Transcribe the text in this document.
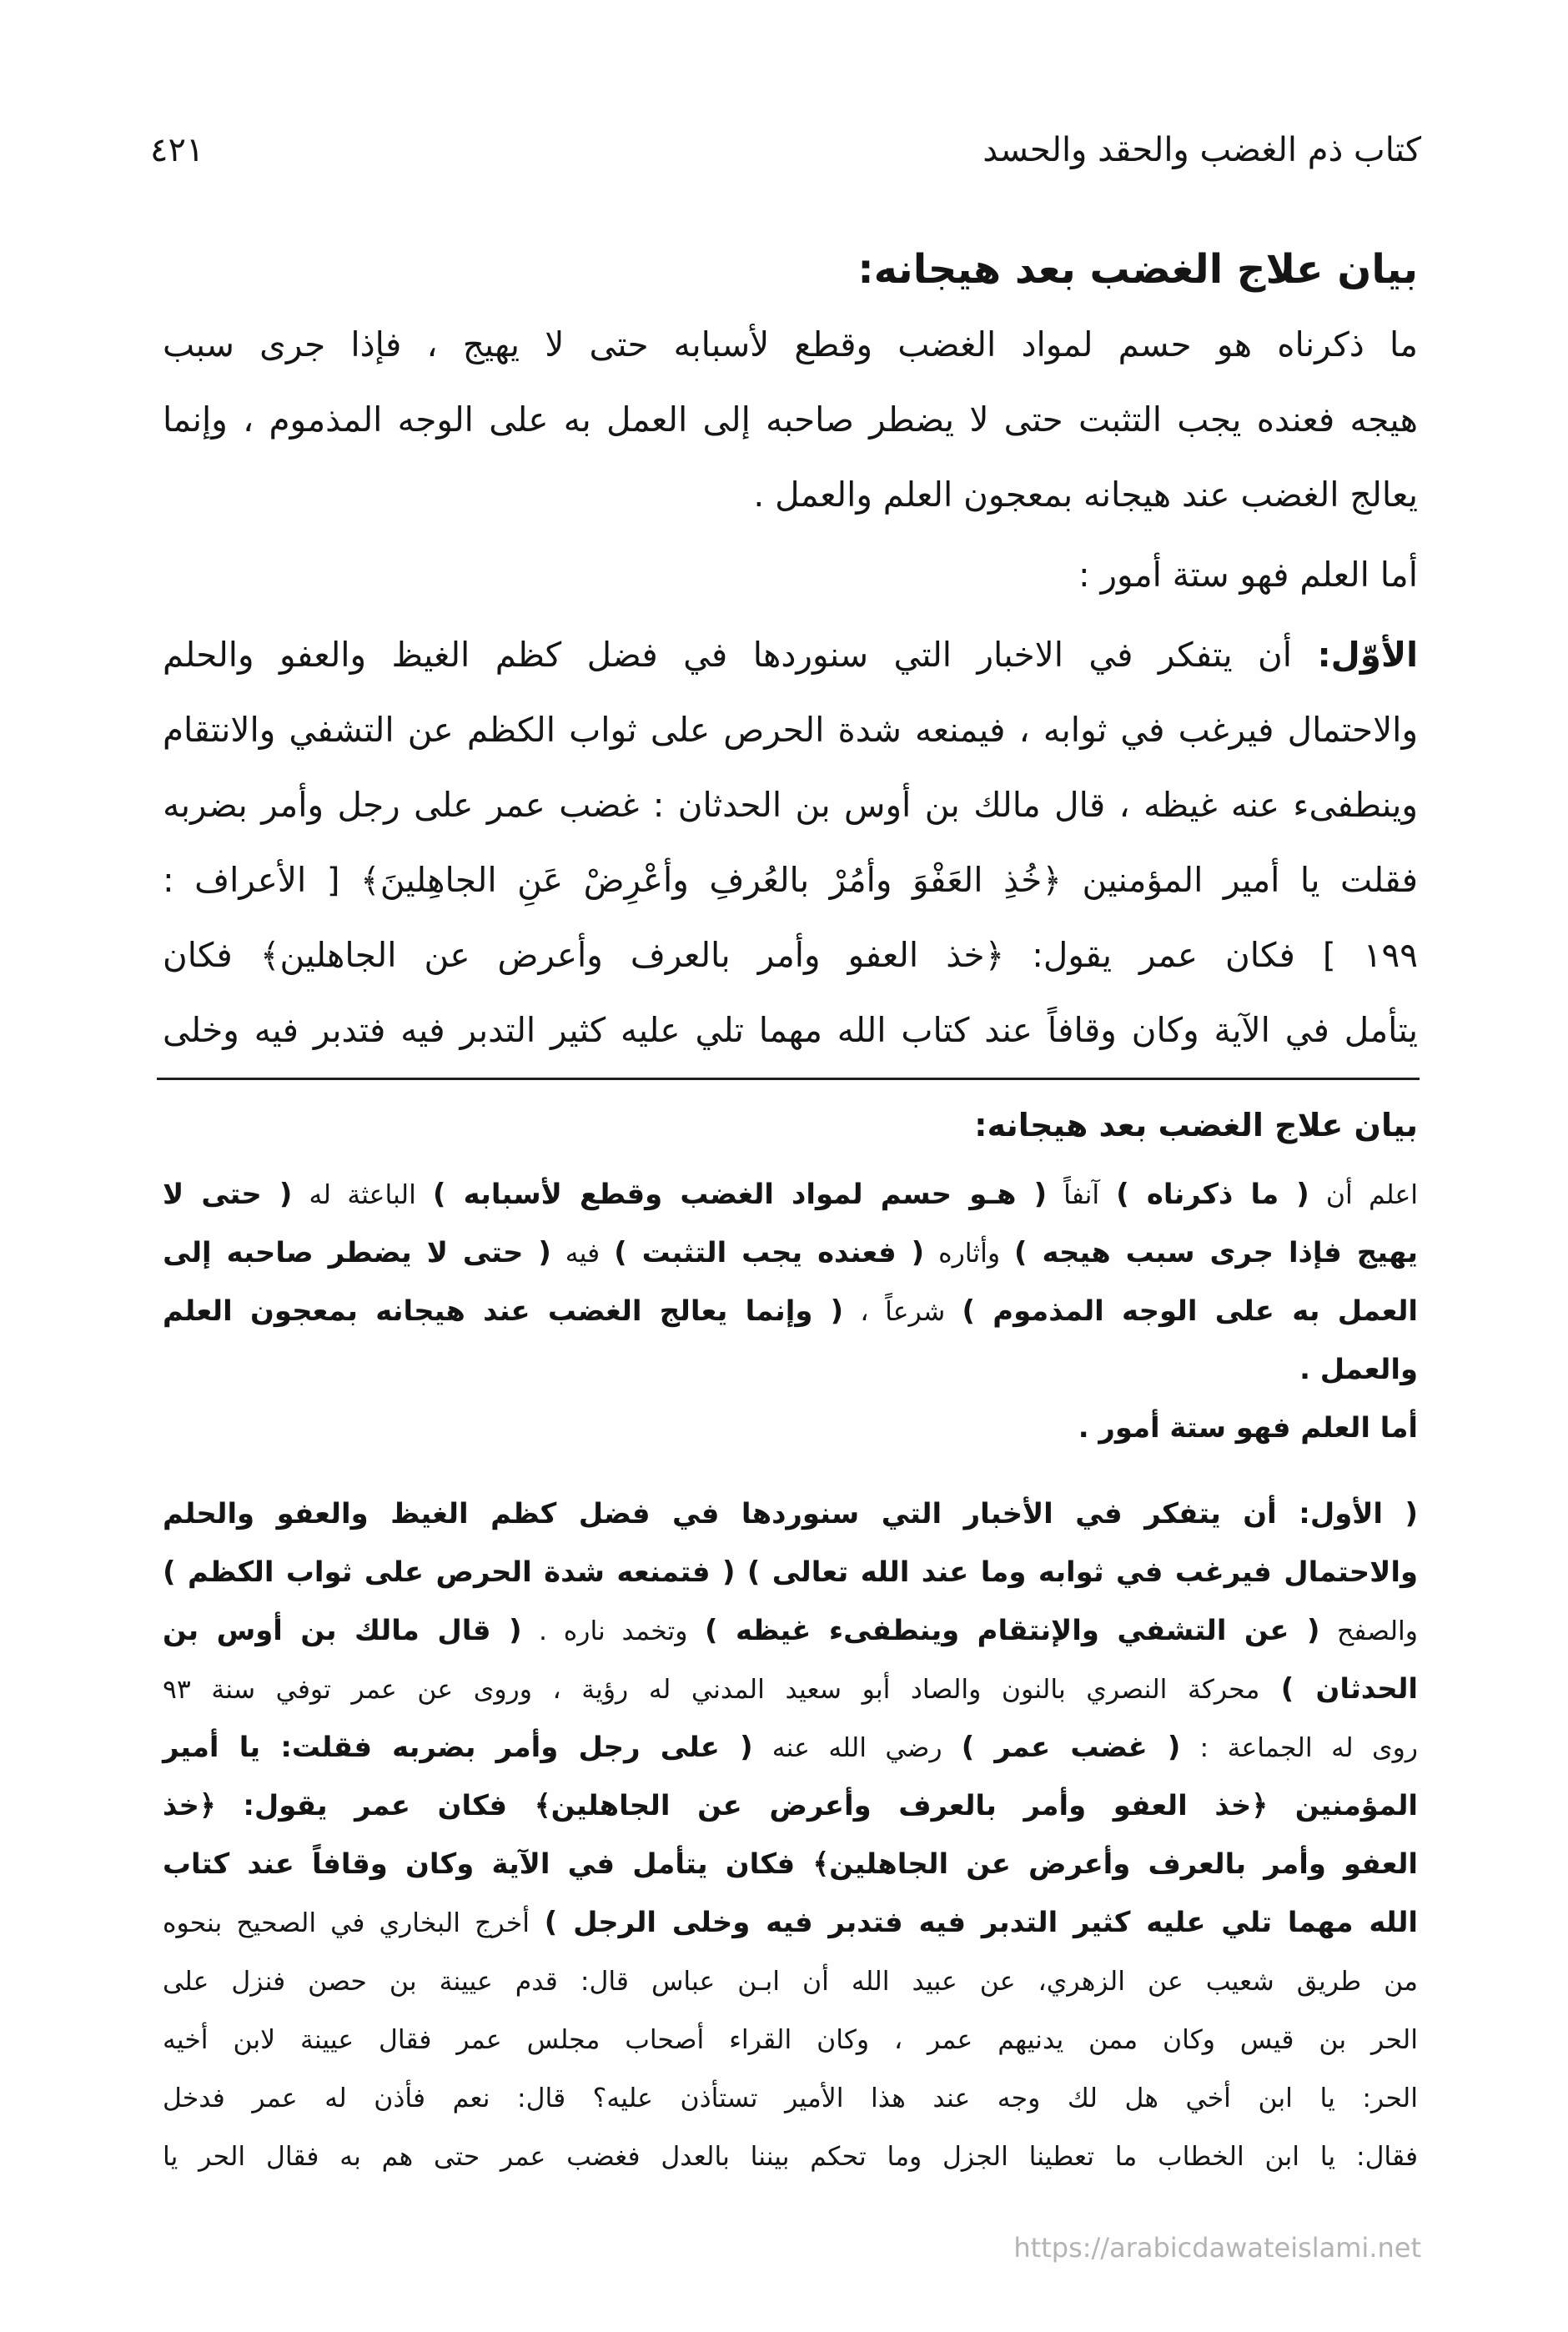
كتاب ذم الغضب والحقد والحسد
٤٢١
بيان علاج الغضب بعد هيجانه:
ما ذكرناه هو حسم لمواد الغضب وقطع لأسبابه حتى لا يهيج ، فإذا جرى سبب
هيجه فعنده يجب التثبت حتى لا يضطر صاحبه إلى العمل به على الوجه المذموم ، وإنما
يعالج الغضب عند هيجانه بمعجون العلم والعمل .
أما العلم فهو ستة أمور :
الأوّل: أن يتفكر في الاخبار التي سنوردها في فضل كظم الغيظ والعفو والحلم
والاحتمال فيرغب في ثوابه ، فيمنعه شدة الحرص على ثواب الكظم عن التشفي والانتقام
وينطفىء عنه غيظه ، قال مالك بن أوس بن الحدثان : غضب عمر على رجل وأمر بضربه
فقلت يا أمير المؤمنين ﴿خُذِ العَفْوَ وأمُرْ بالعُرفِ وأعْرِضْ عَنِ الجاهِلينَ﴾ [ الأعراف :
١٩٩ ] فكان عمر يقول: ﴿خذ العفو وأمر بالعرف وأعرض عن الجاهلين﴾ فكان
يتأمل في الآية وكان وقافاً عند كتاب الله مهما تلي عليه كثير التدبر فيه فتدبر فيه وخلى
بيان علاج الغضب بعد هيجانه:
اعلم أن ( ما ذكرناه ) آنفاً ( هـو حسم لمواد الغضب وقطع لأسبابه ) الباعثة له ( حتى لا
يهيج فإذا جرى سبب هيجه ) وأثاره ( فعنده يجب التثبت ) فيه ( حتى لا يضطر صاحبه إلى
العمل به على الوجه المذموم ) شرعاً ، ( وإنما يعالج الغضب عند هيجانه بمعجون العلم
والعمل .
أما العلم فهو ستة أمور .
( الأول: أن يتفكر في الأخبار التي سنوردها في فضل كظم الغيظ والعفو والحلم
والاحتمال فيرغب في ثوابه وما عند الله تعالى ) ( فتمنعه شدة الحرص على ثواب الكظم )
والصفح ( عن التشفي والإنتقام وينطفىء غيظه ) وتخمد ناره . ( قال مالك بن أوس بن
الحدثان ) محركة النصري بالنون والصاد أبو سعيد المدني له رؤية ، وروى عن عمر توفي سنة ٩٣
روى له الجماعة : ( غضب عمر ) رضي الله عنه ( على رجل وأمر بضربه فقلت: يا أمير
المؤمنين ﴿خذ العفو وأمر بالعرف وأعرض عن الجاهلين﴾ فكان عمر يقول: ﴿خذ
العفو وأمر بالعرف وأعرض عن الجاهلين﴾ فكان يتأمل في الآية وكان وقافاً عند كتاب
الله مهما تلي عليه كثير التدبر فيه فتدبر فيه وخلى الرجل ) أخرج البخاري في الصحيح بنحوه
من طريق شعيب عن الزهري، عن عبيد الله أن ابـن عباس قال: قدم عيينة بن حصن فنزل على
الحر بن قيس وكان ممن يدنيهم عمر ، وكان القراء أصحاب مجلس عمر فقال عيينة لابن أخيه
الحر: يا ابن أخي هل لك وجه عند هذا الأمير تستأذن عليه؟ قال: نعم فأذن له عمر فدخل
فقال: يا ابن الخطاب ما تعطينا الجزل وما تحكم بيننا بالعدل فغضب عمر حتى هم به فقال الحر يا
https://arabicdawateislami.net
